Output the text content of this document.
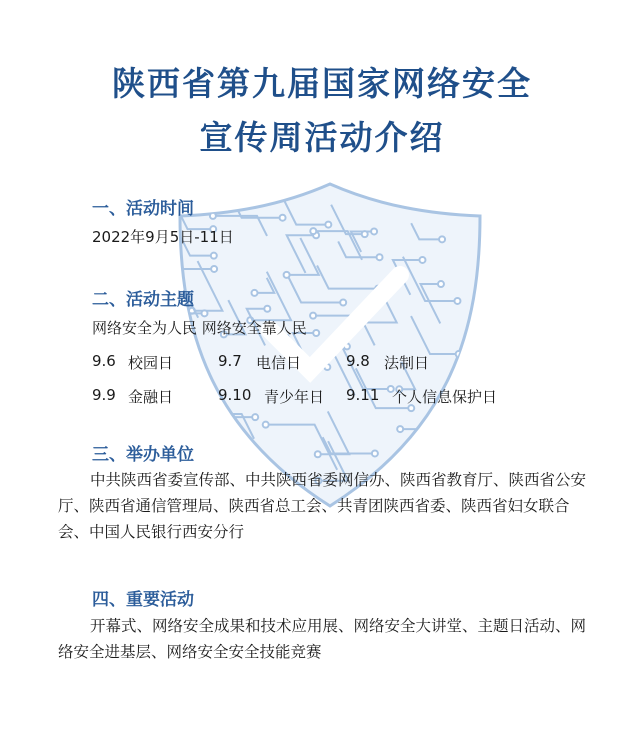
陕西省第九届国家网络安全
宣传周活动介绍
一、活动时间
2022年9月5日-11日
二、活动主题
网络安全为人民 网络安全靠人民
9.6 校园日	9.7 电信日	9.8 法制日
9.9 金融日	9.10 青少年日 9.11 个人信息保护日
三、举办单位
中共陕西省委宣传部、中共陕西省委网信办、陕西省教育厅、陕西省公安厅、陕西省通信管理局、陕西省总工会、共青团陕西省委、陕西省妇女联合会、中国人民银行西安分行
四、重要活动
开幕式、网络安全成果和技术应用展、网络安全大讲堂、主题日活动、网络安全进基层、网络安全安全技能竞赛
